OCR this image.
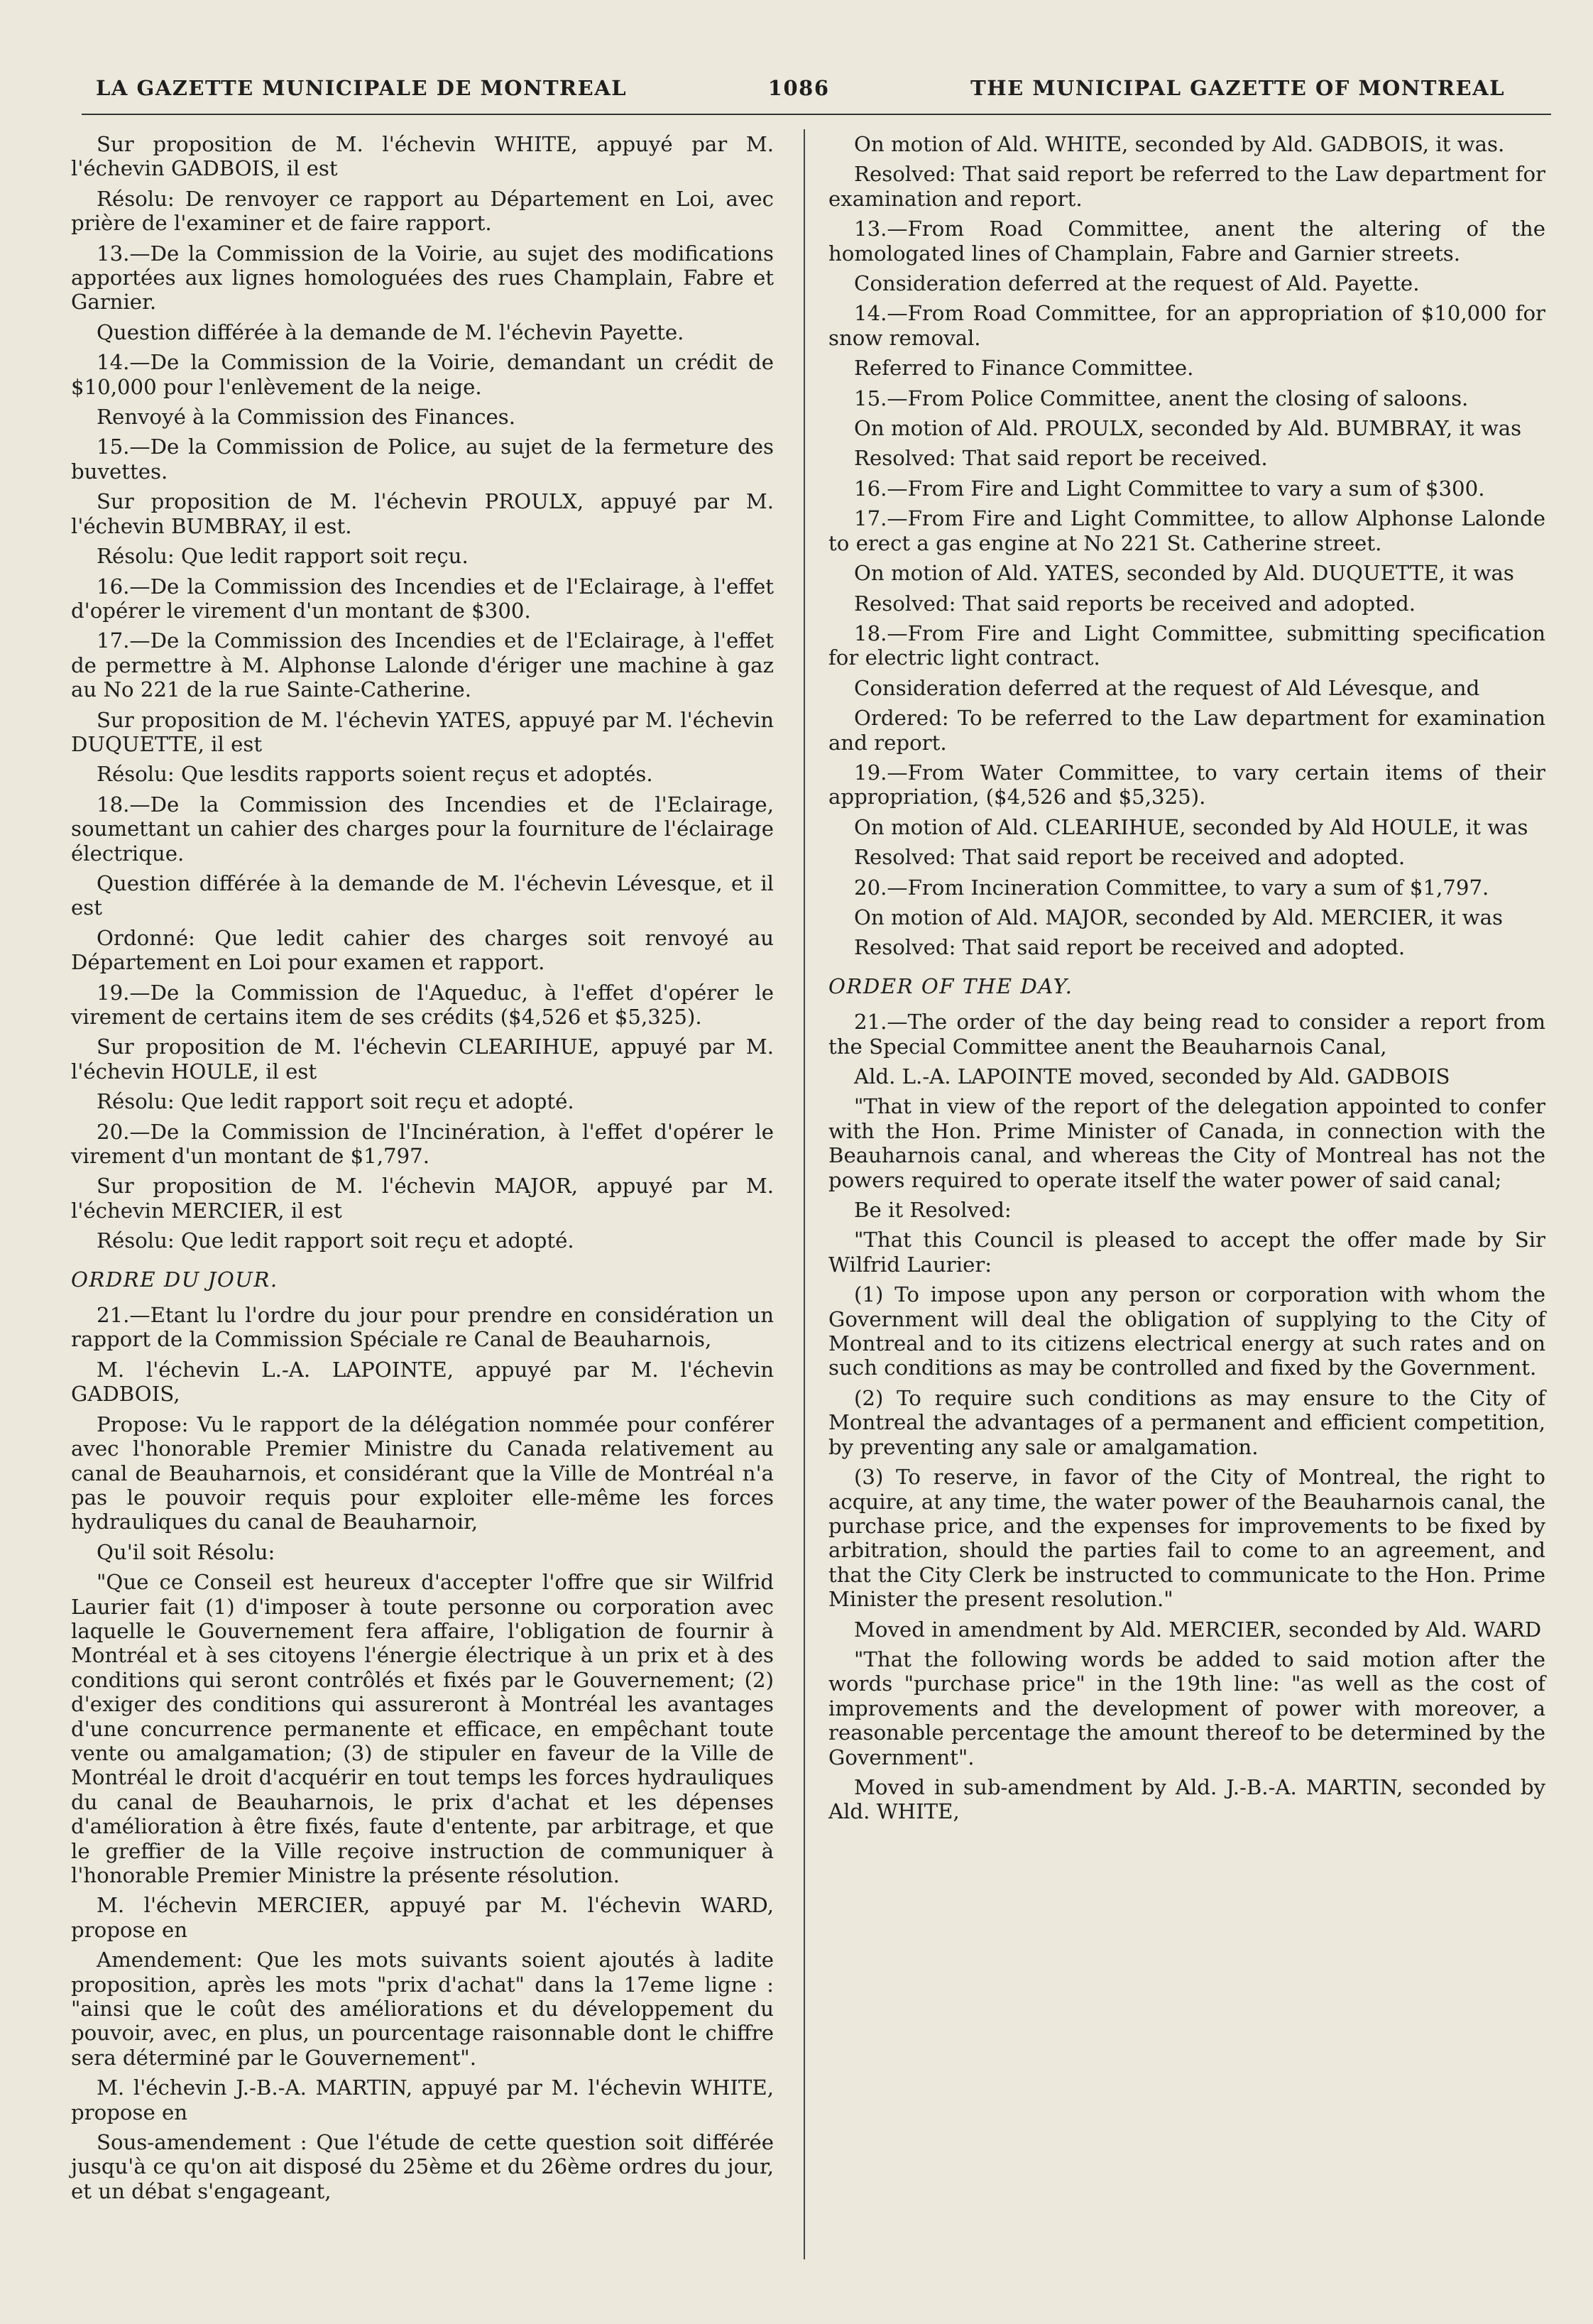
LA GAZETTE MUNICIPALE DE MONTREAL	1086	THE MUNICIPAL GAZETTE OF MONTREAL

Sur proposition de M. l'échevin WHITE, appuyé par M. l'échevin GADBOIS, il est

Résolu: De renvoyer ce rapport au Département en Loi, avec prière de l'examiner et de faire rapport.

13.—De la Commission de la Voirie, au sujet des modifications apportées aux lignes homologuées des rues Champlain, Fabre et Garnier.

Question différée à la demande de M. l'échevin Payette.

14.—De la Commission de la Voirie, demandant un crédit de $10,000 pour l'enlèvement de la neige.

Renvoyé à la Commission des Finances.

15.—De la Commission de Police, au sujet de la fermeture des buvettes.

Sur proposition de M. l'échevin PROULX, appuyé par M. l'échevin BUMBRAY, il est.

Résolu: Que ledit rapport soit reçu.

16.—De la Commission des Incendies et de l'Eclairage, à l'effet d'opérer le virement d'un montant de $300.

17.—De la Commission des Incendies et de l'Eclairage, à l'effet de permettre à M. Alphonse Lalonde d'ériger une machine à gaz au No 221 de la rue Sainte-Catherine.

Sur proposition de M. l'échevin YATES, appuyé par M. l'échevin DUQUETTE, il est

Résolu: Que lesdits rapports soient reçus et adoptés.

18.—De la Commission des Incendies et de l'Eclairage, soumettant un cahier des charges pour la fourniture de l'éclairage électrique.

Question différée à la demande de M. l'échevin Lévesque, et il est

Ordonné: Que ledit cahier des charges soit renvoyé au Département en Loi pour examen et rapport.

19.—De la Commission de l'Aqueduc, à l'effet d'opérer le virement de certains item de ses crédits ($4,526 et $5,325).

Sur proposition de M. l'échevin CLEARIHUE, appuyé par M. l'échevin HOULE, il est

Résolu: Que ledit rapport soit reçu et adopté.

20.—De la Commission de l'Incinération, à l'effet d'opérer le virement d'un montant de $1,797.

Sur proposition de M. l'échevin MAJOR, appuyé par M. l'échevin MERCIER, il est

Résolu: Que ledit rapport soit reçu et adopté.

ORDRE DU JOUR.

21.—Etant lu l'ordre du jour pour prendre en considération un rapport de la Commission Spéciale re Canal de Beauharnois,

M. l'échevin L.-A. LAPOINTE, appuyé par M. l'échevin GADBOIS,

Propose: Vu le rapport de la délégation nommée pour conférer avec l'honorable Premier Ministre du Canada relativement au canal de Beauharnois, et considérant que la Ville de Montréal n'a pas le pouvoir requis pour exploiter elle-même les forces hydrauliques du canal de Beauharnoir,

Qu'il soit Résolu:

"Que ce Conseil est heureux d'accepter l'offre que sir Wilfrid Laurier fait (1) d'imposer à toute personne ou corporation avec laquelle le Gouvernement fera affaire, l'obligation de fournir à Montréal et à ses citoyens l'énergie électrique à un prix et à des conditions qui seront contrôlés et fixés par le Gouvernement; (2) d'exiger des conditions qui assureront à Montréal les avantages d'une concurrence permanente et efficace, en empêchant toute vente ou amalgamation; (3) de stipuler en faveur de la Ville de Montréal le droit d'acquérir en tout temps les forces hydrauliques du canal de Beauharnois, le prix d'achat et les dépenses d'amélioration à être fixés, faute d'entente, par arbitrage, et que le greffier de la Ville reçoive instruction de communiquer à l'honorable Premier Ministre la présente résolution.

M. l'échevin MERCIER, appuyé par M. l'échevin WARD, propose en

Amendement: Que les mots suivants soient ajoutés à ladite proposition, après les mots "prix d'achat" dans la 17eme ligne : "ainsi que le coût des améliorations et du développement du pouvoir, avec, en plus, un pourcentage raisonnable dont le chiffre sera déterminé par le Gouvernement".

M. l'échevin J.-B.-A. MARTIN, appuyé par M. l'échevin WHITE, propose en

Sous-amendement : Que l'étude de cette question soit différée jusqu'à ce qu'on ait disposé du 25ème et du 26ème ordres du jour, et un débat s'engageant,

On motion of Ald. WHITE, seconded by Ald. GADBOIS, it was.

Resolved: That said report be referred to the Law department for examination and report.

13.—From Road Committee, anent the altering of the homologated lines of Champlain, Fabre and Garnier streets.

Consideration deferred at the request of Ald. Payette.

14.—From Road Committee, for an appropriation of $10,000 for snow removal.

Referred to Finance Committee.

15.—From Police Committee, anent the closing of saloons.

On motion of Ald. PROULX, seconded by Ald. BUMBRAY, it was

Resolved: That said report be received.

16.—From Fire and Light Committee to vary a sum of $300.

17.—From Fire and Light Committee, to allow Alphonse Lalonde to erect a gas engine at No 221 St. Catherine street.

On motion of Ald. YATES, seconded by Ald. DUQUETTE, it was

Resolved: That said reports be received and adopted.

18.—From Fire and Light Committee, submitting specification for electric light contract.

Consideration deferred at the request of Ald Lévesque, and

Ordered: To be referred to the Law department for examination and report.

19.—From Water Committee, to vary certain items of their appropriation, ($4,526 and $5,325).

On motion of Ald. CLEARIHUE, seconded by Ald HOULE, it was

Resolved: That said report be received and adopted.

20.—From Incineration Committee, to vary a sum of $1,797.

On motion of Ald. MAJOR, seconded by Ald. MERCIER, it was

Resolved: That said report be received and adopted.

ORDER OF THE DAY.

21.—The order of the day being read to consider a report from the Special Committee anent the Beauharnois Canal,

Ald. L.-A. LAPOINTE moved, seconded by Ald. GADBOIS

"That in view of the report of the delegation appointed to confer with the Hon. Prime Minister of Canada, in connection with the Beauharnois canal, and whereas the City of Montreal has not the powers required to operate itself the water power of said canal;

Be it Resolved:

"That this Council is pleased to accept the offer made by Sir Wilfrid Laurier:

(1) To impose upon any person or corporation with whom the Government will deal the obligation of supplying to the City of Montreal and to its citizens electrical energy at such rates and on such conditions as may be controlled and fixed by the Government.

(2) To require such conditions as may ensure to the City of Montreal the advantages of a permanent and efficient competition, by preventing any sale or amalgamation.

(3) To reserve, in favor of the City of Montreal, the right to acquire, at any time, the water power of the Beauharnois canal, the purchase price, and the expenses for improvements to be fixed by arbitration, should the parties fail to come to an agreement, and that the City Clerk be instructed to communicate to the Hon. Prime Minister the present resolution."

Moved in amendment by Ald. MERCIER, seconded by Ald. WARD

"That the following words be added to said motion after the words "purchase price" in the 19th line: "as well as the cost of improvements and the development of power with moreover, a reasonable percentage the amount thereof to be determined by the Government".

Moved in sub-amendment by Ald. J.-B.-A. MARTIN, seconded by Ald. WHITE,
